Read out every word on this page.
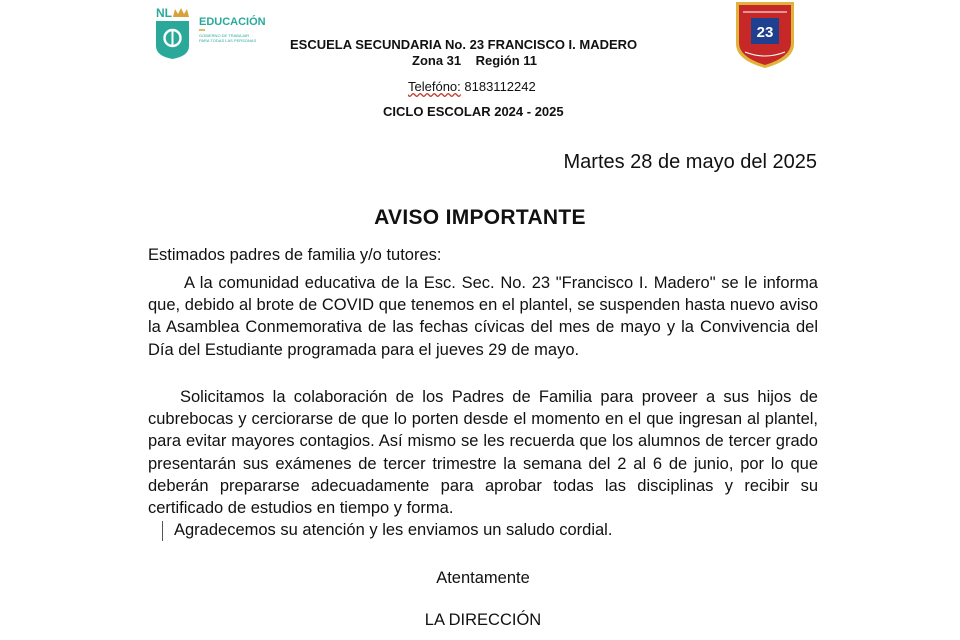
NL
EDUCACIÓN
GOBIERNO DE TRABAJAR
PARA TODAS LAS PERSONAS	23
ESCUELA SECUNDARIA No. 23 FRANCISCO I. MADERO
Zona 31 Región 11
Telefóno: 8183112242
CICLO ESCOLAR 2024 - 2025
Martes 28 de mayo del 2025
AVISO IMPORTANTE
Estimados padres de familia y/o tutores:
A la comunidad educativa de la Esc. Sec. No. 23 "Francisco I. Madero" se le informa que, debido al brote de COVID que tenemos en el plantel, se suspenden hasta nuevo aviso la Asamblea Conmemorativa de las fechas cívicas del mes de mayo y la Convivencia del Día del Estudiante programada para el jueves 29 de mayo.
Solicitamos la colaboración de los Padres de Familia para proveer a sus hijos de cubrebocas y cerciorarse de que lo porten desde el momento en el que ingresan al plantel, para evitar mayores contagios. Así mismo se les recuerda que los alumnos de tercer grado presentarán sus exámenes de tercer trimestre la semana del 2 al 6 de junio, por lo que deberán prepararse adecuadamente para aprobar todas las disciplinas y recibir su certificado de estudios en tiempo y forma.
Agradecemos su atención y les enviamos un saludo cordial.
Atentamente
LA DIRECCIÓN
